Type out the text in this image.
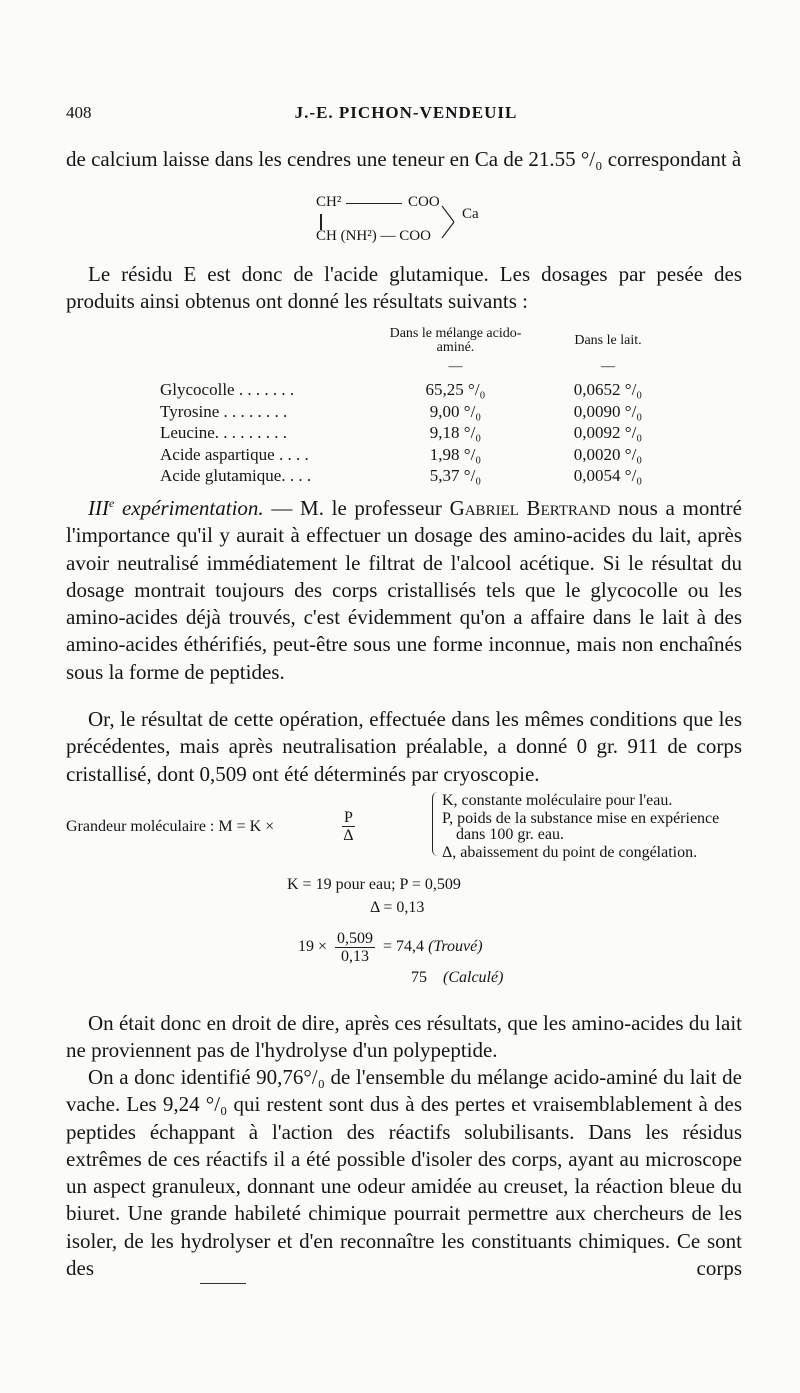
408	J.-E. PICHON-VENDEUIL

de calcium laisse dans les cendres une teneur en Ca de 21.55 °/₀ correspondant à

CH²	COO
CH (NH²) — COO
Ca

Le résidu E est donc de l'acide glutamique. Les dosages par pesée des produits ainsi obtenus ont donné les résultats suivants :

	Dans le mélange acido-aminé.	Dans le lait.
	—	—
Glycocolle . . . . . . .	65,25 °/₀	0,0652 °/₀
Tyrosine . . . . . . . .	9,00 °/₀	0,0090 °/₀
Leucine. . . . . . . . .	9,18 °/₀	0,0092 °/₀
Acide aspartique . . . .	1,98 °/₀	0,0020 °/₀
Acide glutamique. . . .	5,37 °/₀	0,0054 °/₀

IIIe expérimentation. — M. le professeur Gabriel Bertrand nous a montré l'importance qu'il y aurait à effectuer un dosage des amino-acides du lait, après avoir neutralisé immédiatement le filtrat de l'alcool acétique. Si le résultat du dosage montrait toujours des corps cristallisés tels que le glycocolle ou les amino-acides déjà trouvés, c'est évidemment qu'on a affaire dans le lait à des amino-acides éthérifiés, peut-être sous une forme inconnue, mais non enchaînés sous la forme de peptides.

Or, le résultat de cette opération, effectuée dans les mêmes conditions que les précédentes, mais après neutralisation préalable, a donné 0 gr. 911 de corps cristallisé, dont 0,509 ont été déterminés par cryoscopie.

Grandeur moléculaire : M = K ×	$\frac{P}{\Delta}$
K, constante moléculaire pour l'eau.
P, poids de la substance mise en expérience
dans 100 gr. eau.
Δ, abaissement du point de congélation.
K = 19 pour eau; P = 0,509
Δ = 0,13
$19 \times \frac{0,509}{0,13} = 74,4$ (Trouvé)
75 (Calculé)

On était donc en droit de dire, après ces résultats, que les amino-acides du lait ne proviennent pas de l'hydrolyse d'un polypeptide.

On a donc identifié 90,76°/₀ de l'ensemble du mélange acido-aminé du lait de vache. Les 9,24 °/₀ qui restent sont dus à des pertes et vraisemblablement à des peptides échappant à l'action des réactifs solubilisants. Dans les résidus extrêmes de ces réactifs il a été possible d'isoler des corps, ayant au microscope un aspect granuleux, donnant une odeur amidée au creuset, la réaction bleue du biuret. Une grande habileté chimique pourrait permettre aux chercheurs de les isoler, de les hydrolyser et d'en reconnaître les constituants chimiques. Ce sont des corps
